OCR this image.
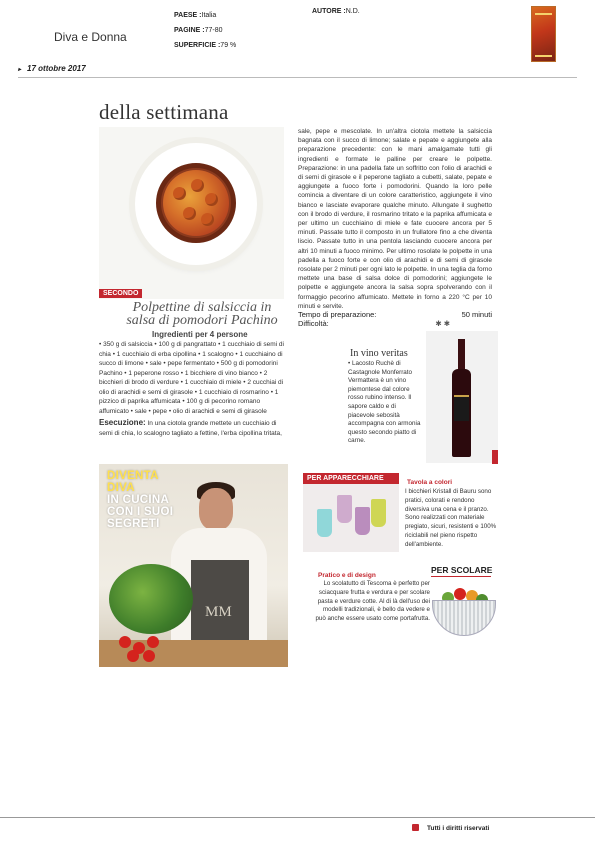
Diva e Donna
PAESE :Italia
PAGINE :77-80
SUPERFICIE :79 %
AUTORE :N.D.
▸ 17 ottobre 2017
della settimana
SECONDO
Polpettine di salsiccia in salsa di pomodori Pachino
Ingredienti per 4 persone
• 350 g di salsiccia • 100 g di pangrattato • 1 cucchiaio di semi di chia • 1 cucchiaio di erba cipollina • 1 scalogno • 1 cucchiaino di succo di limone • sale • pepe fermentato • 500 g di pomodorini Pachino • 1 peperone rosso • 1 bicchiere di vino bianco • 2 bicchieri di brodo di verdure • 1 cucchiaio di miele • 2 cucchiai di olio di arachidi e semi di girasole • 1 cucchiaio di rosmarino • 1 pizzico di paprika affumicata • 100 g di pecorino romano affumicato • sale • pepe • olio di arachidi e semi di girasole
Esecuzione: In una ciotola grande mettete un cucchiaio di semi di chia, lo scalogno tagliato a fettine, l'erba cipollina tritata,
sale, pepe e mescolate. In un'altra ciotola mettete la salsiccia bagnata con il succo di limone; salate e pepate e aggiungete alla preparazione precedente: con le mani amalgamate tutti gli ingredienti e formate le palline per creare le polpette. Preparazione: in una padella fate un soffritto con l'olio di arachidi e di semi di girasole e il peperone tagliato a cubetti, salate, pepate e aggiungete a fuoco forte i pomodorini. Quando la loro pelle comincia a diventare di un colore caratteristico, aggiungete il vino bianco e lasciate evaporare qualche minuto. Allungate il sughetto con il brodo di verdure, il rosmarino tritato e la paprika affumicata e per ultimo un cucchiaino di miele e fate cuocere ancora per 5 minuti. Passate tutto il composto in un frullatore fino a che diventa liscio. Passate tutto in una pentola lasciando cuocere ancora per altri 10 minuti a fuoco minimo. Per ultimo rosolate le polpette in una padella a fuoco forte e con olio di arachidi e di semi di girasole rosolate per 2 minuti per ogni lato le polpette. In una teglia da forno mettete una base di salsa dolce di pomodorini; aggiungete le polpette e aggiungete ancora la salsa sopra spolverando con il formaggio pecorino affumicato. Mettete in forno a 220 °C per 10 minuti e servite.
Tempo di preparazione:	50 minuti
Difficoltà:	✱✱
In vino veritas
• Lacosto Ruchè di Castagnole Monferrato Vermattera è un vino piemontese dal colore rosso rubino intenso. Il sapore caldo e di piacevole sebosità accompagna con armonia questo secondo piatto di carne.
MM
DIVENTA
DIVA
IN CUCINA
CON I SUOI
SEGRETI
PER APPARECCHIARE
Tavola a colori
I bicchieri Kristall di Bauru sono pratici, colorati e rendono diversiva una cena e il pranzo. Sono realizzati con materiale pregiato, sicuri, resistenti e 100% riciclabili nel pieno rispetto dell'ambiente.
PER SCOLARE
Pratico e di design
Lo scolatutto di Tescoma è perfetto per sciacquare frutta e verdura e per scolare pasta e verdure cotte. Al di là dell'uso dei modelli tradizionali, è bello da vedere e può anche essere usato come portafrutta.
Tutti i diritti riservati
